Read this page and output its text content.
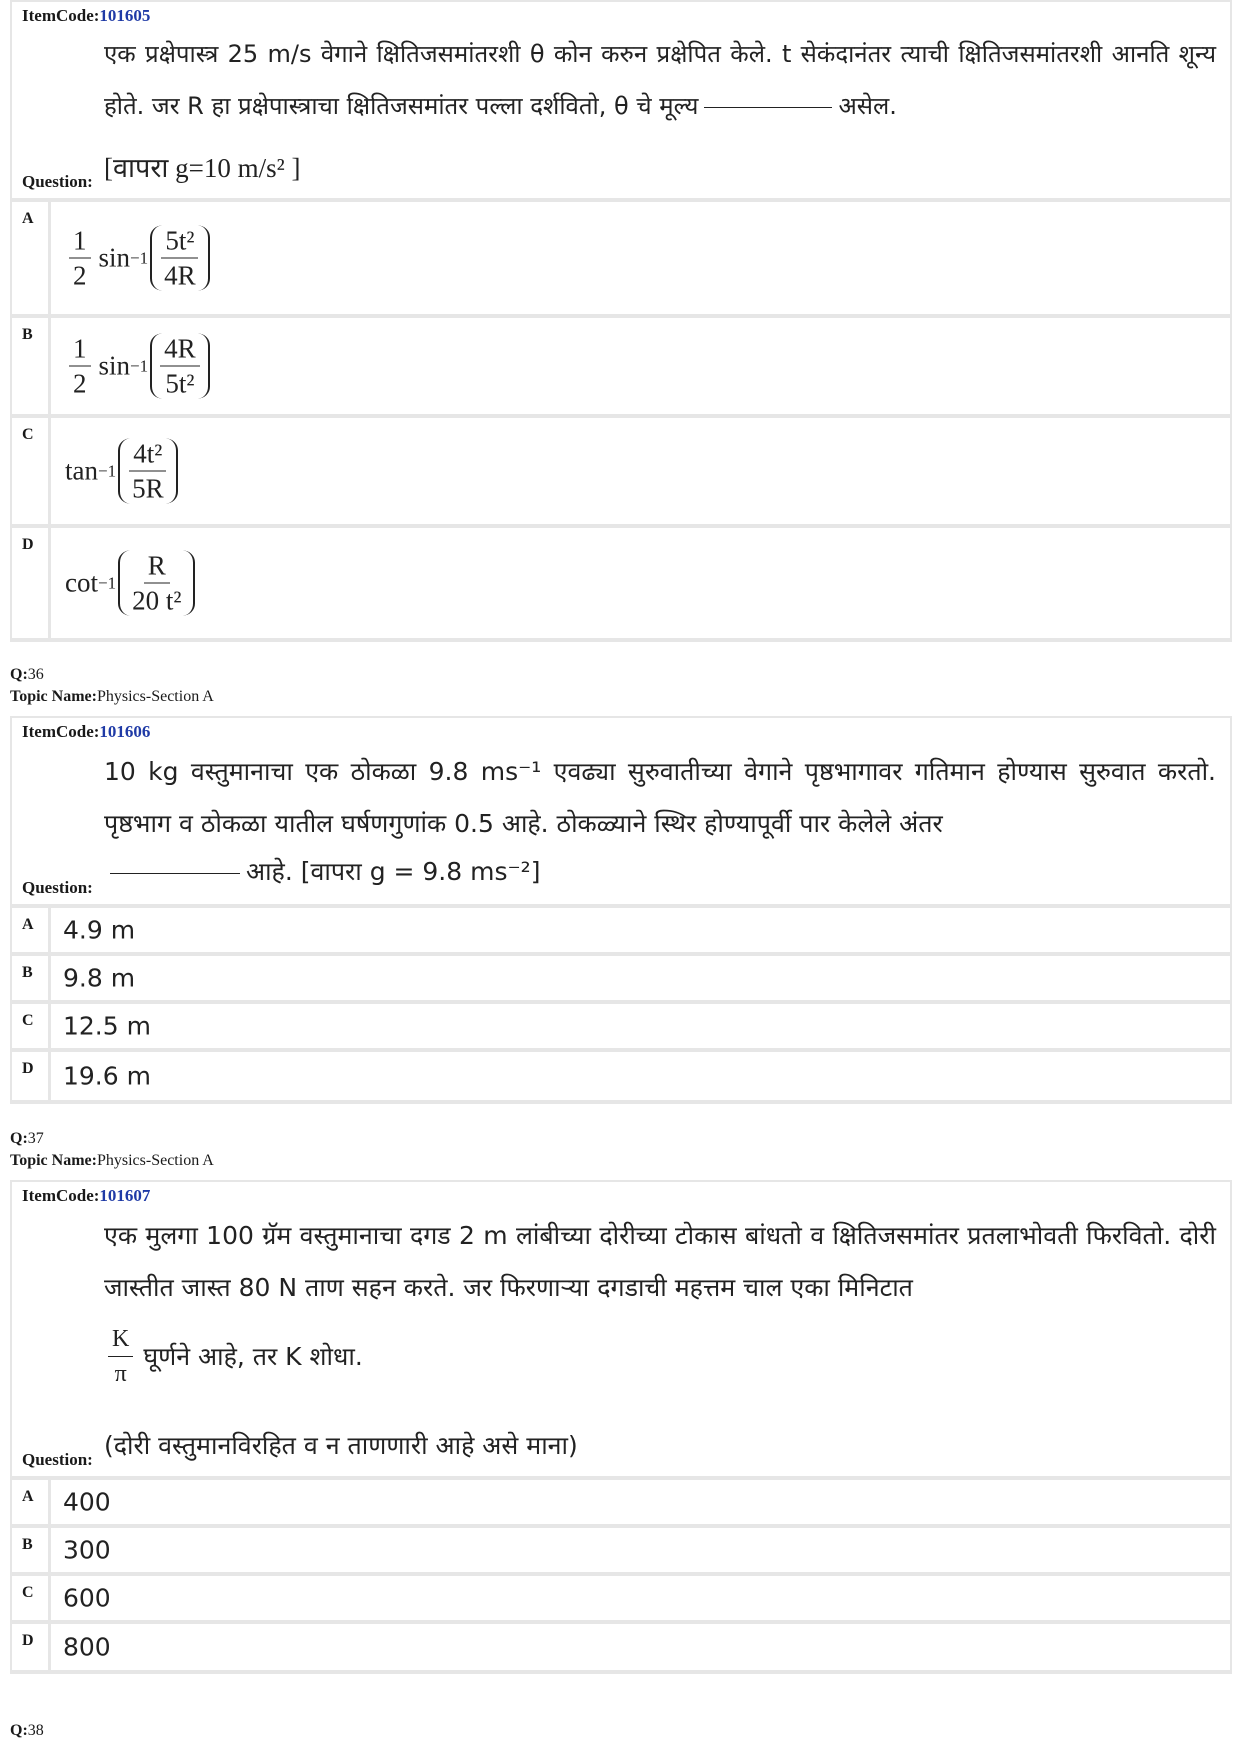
ItemCode:101605
एक प्रक्षेपास्त्र 25 m/s वेगाने क्षितिजसमांतरशी θ कोन करुन प्रक्षेपित केले. t सेकंदानंतर त्याची क्षितिजसमांतरशी आनति शून्य होते. जर R हा प्रक्षेपास्त्राचा क्षितिजसमांतर पल्ला दर्शवितो, θ चे मूल्य	असेल.
[वापरा g=10 m/s² ]
Question:
A
$\frac{1}{2}$ $\sin -1 \frac{\text{5t²}}{4R}$
B $\frac{1}{2}$ $\sin -1 \frac{4R}{\text{5t²}}$
C
$\tan -1 \frac{\text{4t²}}{5R}$
D
$\cot -1 \frac{R}{\text{20 t²}}$
Q:36
Topic Name:Physics-Section A
ItemCode:101606
10 kg वस्तुमानाचा एक ठोकळा 9.8 ms⁻¹ एवढ्या सुरुवातीच्या वेगाने पृष्ठभागावर गतिमान होण्यास सुरुवात करतो. पृष्ठभाग व ठोकळा यातील घर्षणगुणांक 0.5 आहे. ठोकळ्याने स्थिर होण्यापूर्वी पार केलेले अंतर
आहे. [वापरा g = 9.8 ms⁻²]
Question:
A 4.9 m
B 9.8 m
C 12.5 m
D 19.6 m
Q:37
Topic Name:Physics-Section A
ItemCode:101607
एक मुलगा 100 ग्रॅम वस्तुमानाचा दगड 2 m लांबीच्या दोरीच्या टोकास बांधतो व क्षितिजसमांतर प्रतलाभोवती फिरवितो. दोरी जास्तीत जास्त 80 N ताण सहन करते. जर फिरणाऱ्या दगडाची महत्तम चाल एका मिनिटात
$\frac{K}{\pi}$ घूर्णने आहे, तर K शोधा.
(दोरी वस्तुमानविरहित व न ताणणारी आहे असे माना)
Question:
A 400
B 300
C 600
D 800
Q:38
